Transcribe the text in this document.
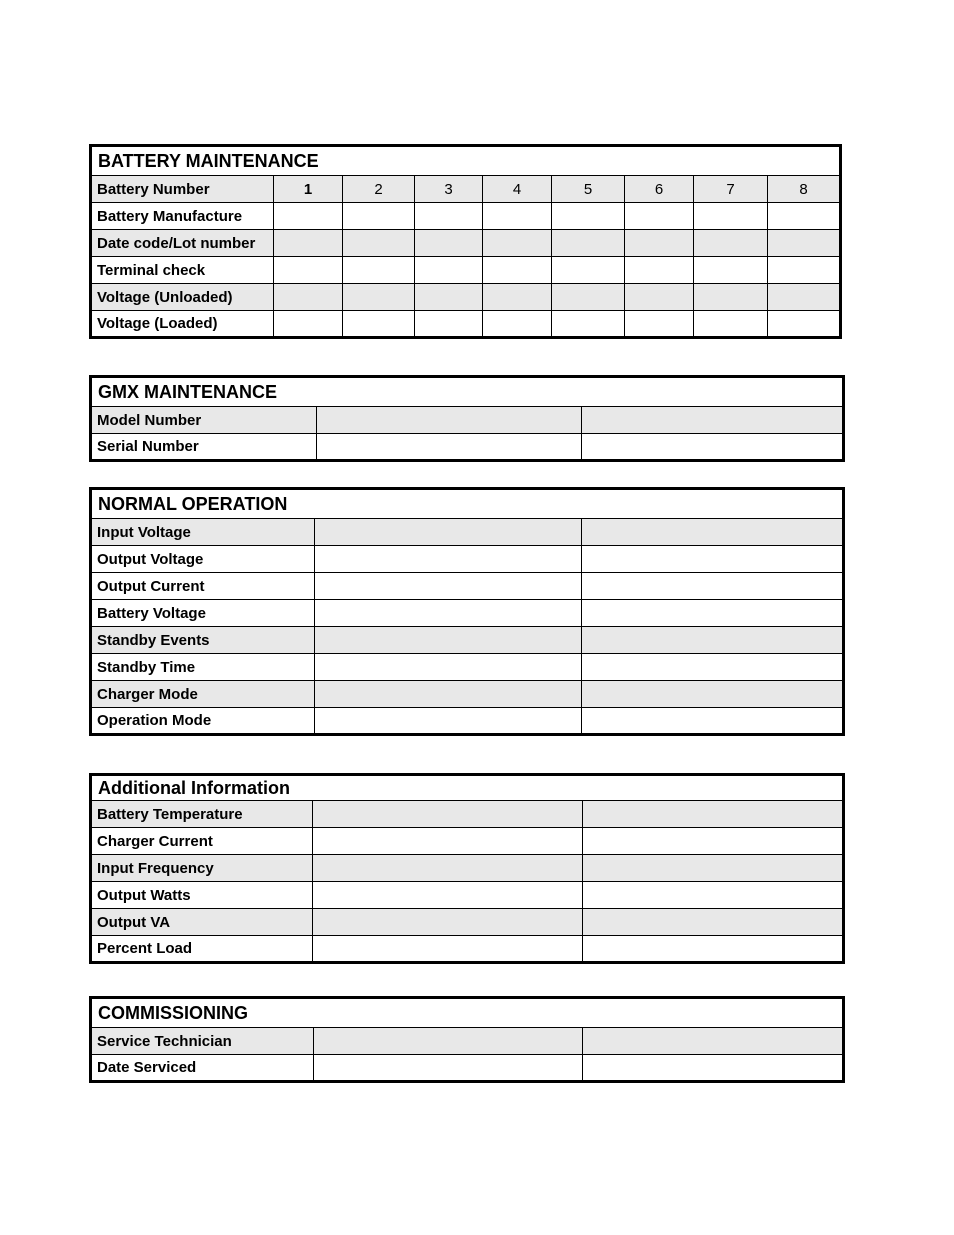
BATTERY MAINTENANCE								
Battery Number	1	2	3	4	5	6	7	8
Battery Manufacture								
Date code/Lot number								
Terminal check								
Voltage (Unloaded)								
Voltage (Loaded)								
GMX MAINTENANCE		
Model Number		
Serial Number		
NORMAL OPERATION		
Input Voltage		
Output Voltage		
Output Current		
Battery Voltage		
Standby Events		
Standby Time		
Charger Mode		
Operation Mode		
Additional Information		
Battery Temperature		
Charger Current		
Input Frequency		
Output Watts		
Output VA		
Percent Load		
COMMISSIONING		
Service Technician		
Date Serviced		
